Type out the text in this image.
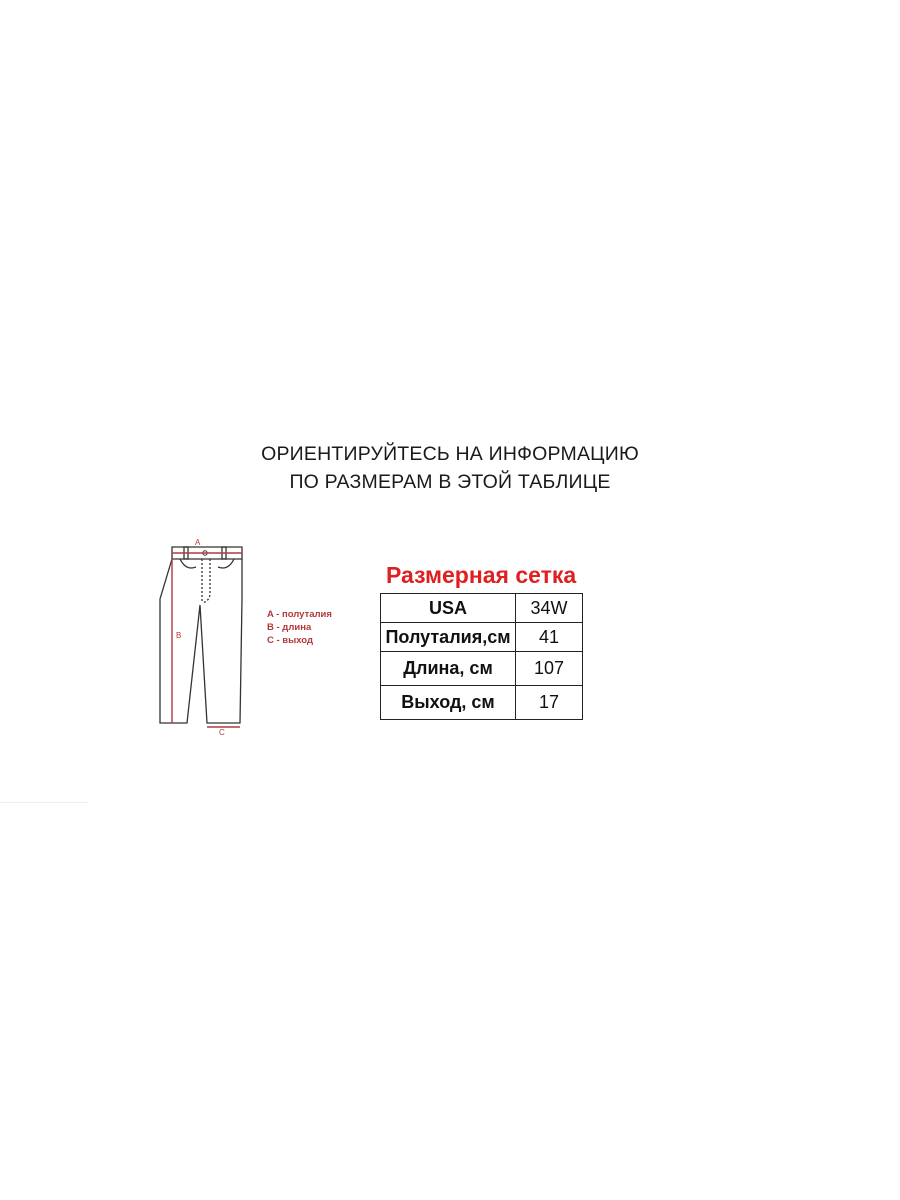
ОРИЕНТИРУЙТЕСЬ НА ИНФОРМАЦИЮ
ПО РАЗМЕРАМ В ЭТОЙ ТАБЛИЦЕ
A
B
C
A - полуталия
B - длина
C - выход
Размерная сетка
USA	34W
Полуталия,см	41
Длина, см	107
Выход, см	17
